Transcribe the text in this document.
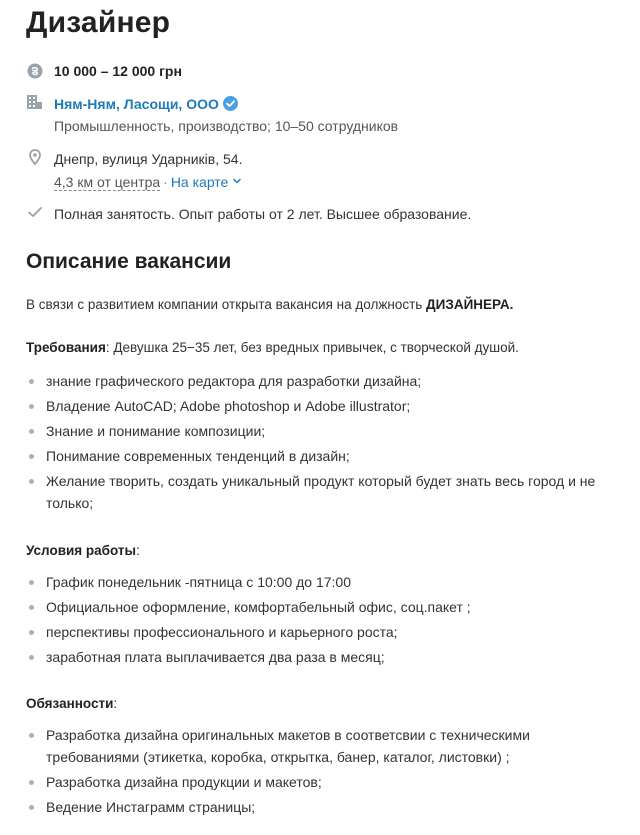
Дизайнер
10 000 – 12 000 грн
Ням-Ням, Ласощи, ООО
Промышленность, производство; 10–50 сотрудников
Днепр, вулиця Ударників, 54.
4,3 км от центра · На карте
Полная занятость. Опыт работы от 2 лет. Высшее образование.
Описание вакансии
В связи с развитием компании открыта вакансия на должность ДИЗАЙНЕРА.
Требования: Девушка 25−35 лет, без вредных привычек, с творческой душой.
знание графического редактора для разработки дизайна;
Владение AutoCAD; Adobe photoshop и Adobe illustrator;
Знание и понимание композиции;
Понимание современных тенденций в дизайн;
Желание творить, создать уникальный продукт который будет знать весь город и не только;
Условия работы:
График понедельник -пятница с 10:00 до 17:00
Официальное оформление, комфортабельный офис, соц.пакет ;
перспективы профессионального и карьерного роста;
заработная плата выплачивается два раза в месяц;
Обязанности:
Разработка дизайна оригинальных макетов в соответсвии с техническими требованиями (этикетка, коробка, открытка, банер, каталог, листовки) ;
Разработка дизайна продукции и макетов;
Ведение Инстаграмм страницы;
